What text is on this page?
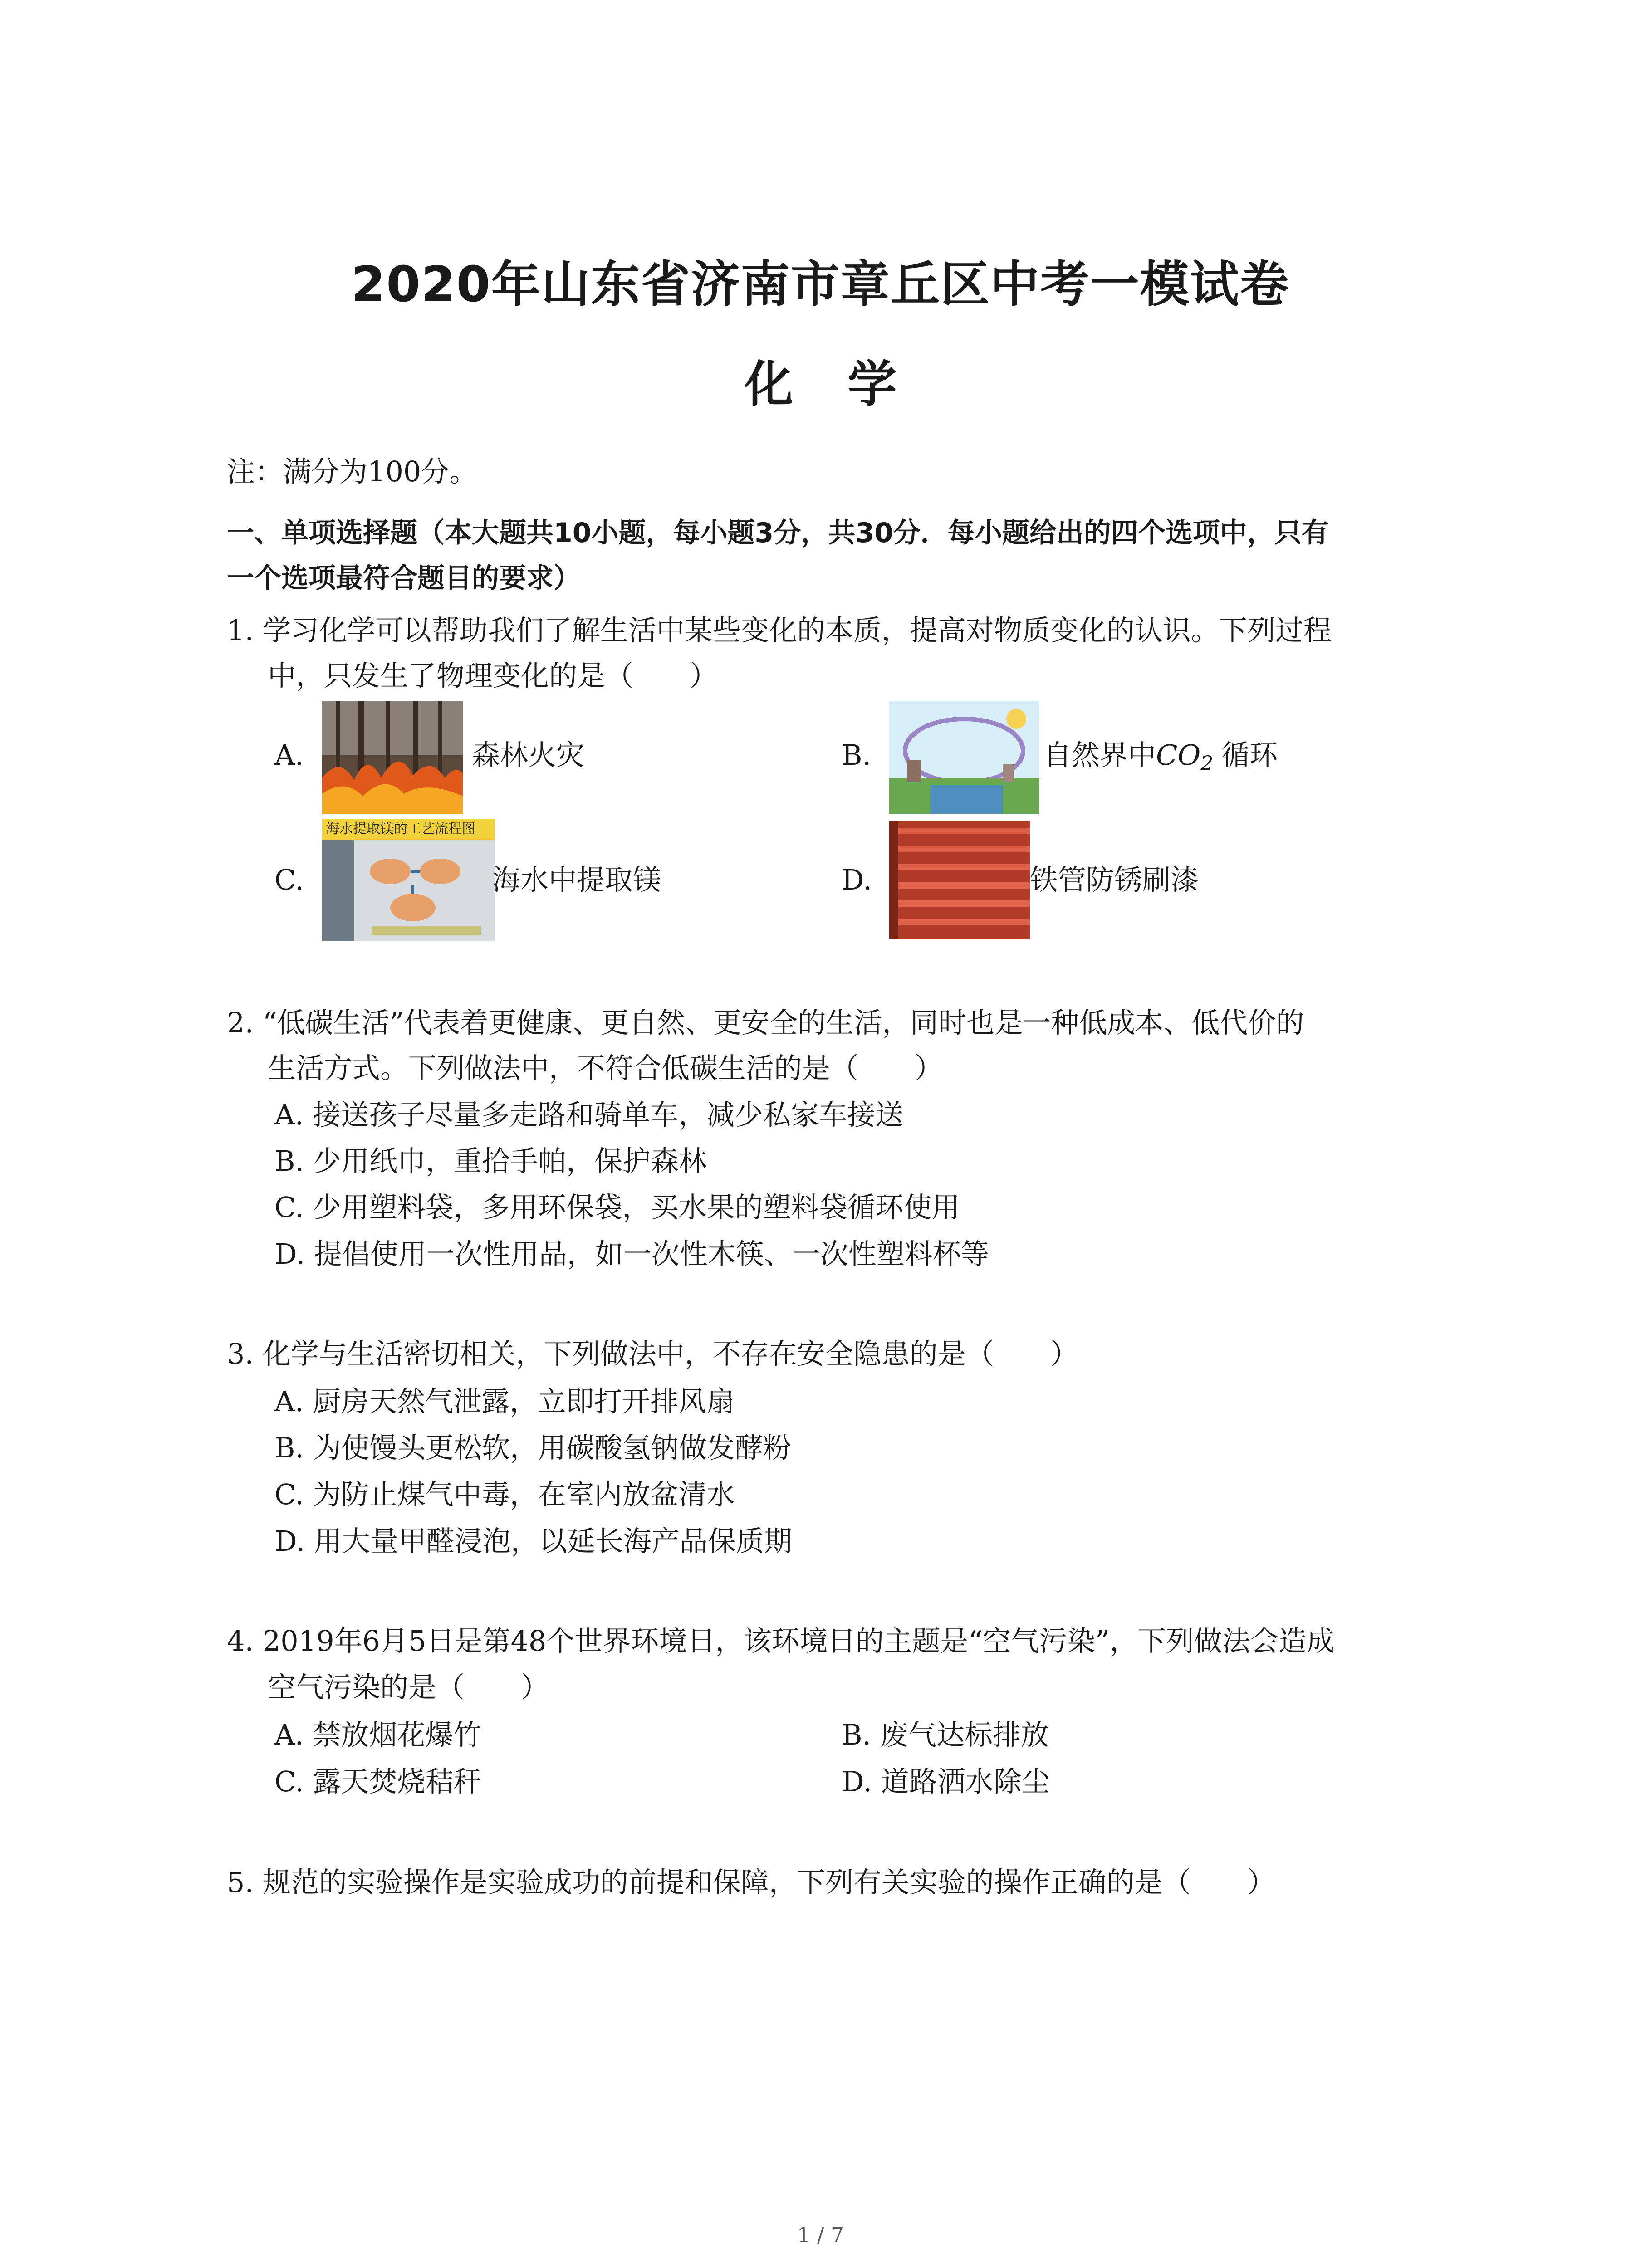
2020年山东省济南市章丘区中考一模试卷
化 学
注：满分为100分。
一、单项选择题（本大题共10小题，每小题3分，共30分．每小题给出的四个选项中，只有
一个选项最符合题目的要求）
1. 学习化学可以帮助我们了解生活中某些变化的本质，提高对物质变化的认识。下列过程
中，只发生了物理变化的是（　　）
A.	森林火灾	B.	自然界中CO2 循环
C.
海水提取镁的工艺流程图
海水中提取镁	D.	铁管防锈刷漆
2. “低碳生活”代表着更健康、更自然、更安全的生活，同时也是一种低成本、低代价的
生活方式。下列做法中，不符合低碳生活的是（　　）
A. 接送孩子尽量多走路和骑单车，减少私家车接送
B. 少用纸巾，重拾手帕，保护森林
C. 少用塑料袋，多用环保袋，买水果的塑料袋循环使用
D. 提倡使用一次性用品，如一次性木筷、一次性塑料杯等
3. 化学与生活密切相关，下列做法中，不存在安全隐患的是（　　）
A. 厨房天然气泄露，立即打开排风扇
B. 为使馒头更松软，用碳酸氢钠做发酵粉
C. 为防止煤气中毒，在室内放盆清水
D. 用大量甲醛浸泡，以延长海产品保质期
4. 2019年6月5日是第48个世界环境日，该环境日的主题是“空气污染”，下列做法会造成
空气污染的是（　　）
A. 禁放烟花爆竹	B. 废气达标排放
C. 露天焚烧秸秆	D. 道路洒水除尘
5. 规范的实验操作是实验成功的前提和保障，下列有关实验的操作正确的是（　　）
1 / 7
